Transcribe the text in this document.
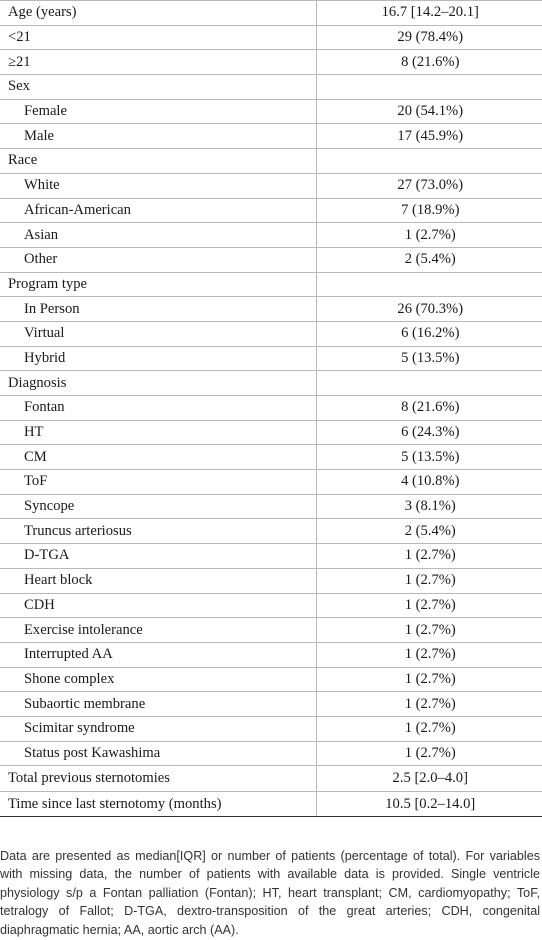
Age (years)	16.7 [14.2–20.1]
<21	29 (78.4%)
≥21	8 (21.6%)
Sex	
Female	20 (54.1%)
Male	17 (45.9%)
Race	
White	27 (73.0%)
African-American	7 (18.9%)
Asian	1 (2.7%)
Other	2 (5.4%)
Program type	
In Person	26 (70.3%)
Virtual	6 (16.2%)
Hybrid	5 (13.5%)
Diagnosis	
Fontan	8 (21.6%)
HT	6 (24.3%)
CM	5 (13.5%)
ToF	4 (10.8%)
Syncope	3 (8.1%)
Truncus arteriosus	2 (5.4%)
D-TGA	1 (2.7%)
Heart block	1 (2.7%)
CDH	1 (2.7%)
Exercise intolerance	1 (2.7%)
Interrupted AA	1 (2.7%)
Shone complex	1 (2.7%)
Subaortic membrane	1 (2.7%)
Scimitar syndrome	1 (2.7%)
Status post Kawashima	1 (2.7%)
Total previous sternotomies	2.5 [2.0–4.0]
Time since last sternotomy (months)	10.5 [0.2–14.0]

Data are presented as median[IQR] or number of patients (percentage of total). For variables with missing data, the number of patients with available data is provided. Single ventricle physiology s/p a Fontan palliation (Fontan); HT, heart transplant; CM, cardiomyopathy; ToF, tetralogy of Fallot; D-TGA, dextro-transposition of the great arteries; CDH, congenital diaphragmatic hernia; AA, aortic arch (AA).
